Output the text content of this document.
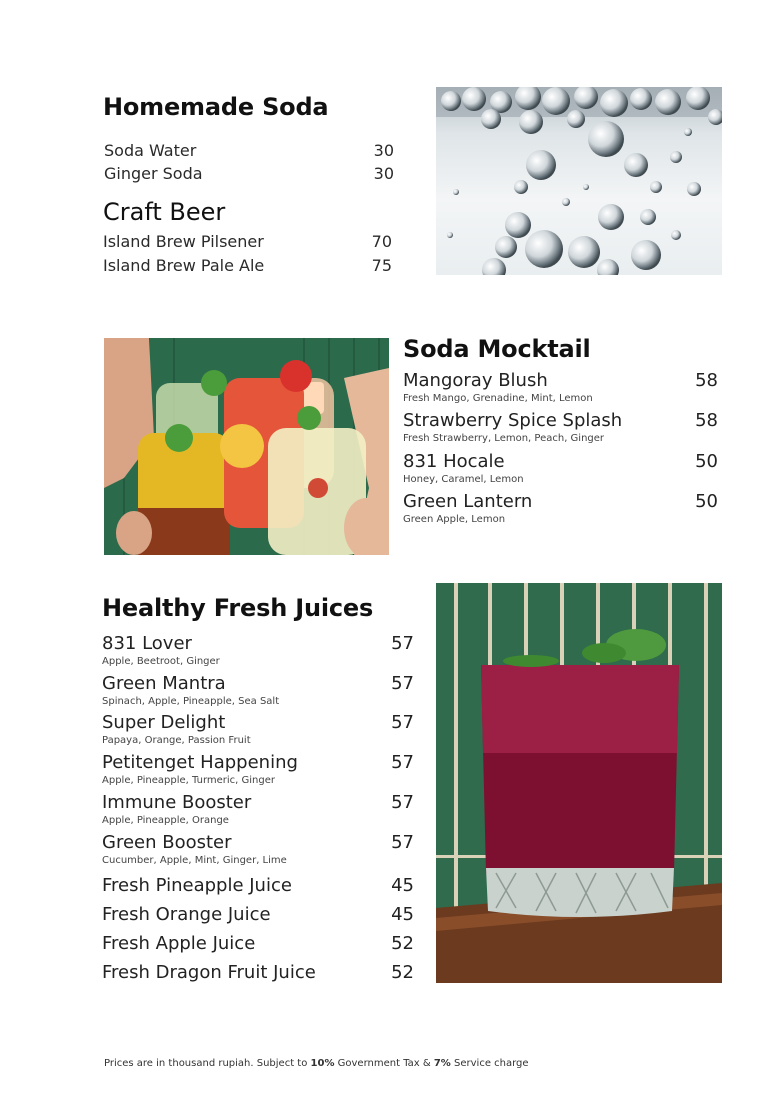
Homemade Soda
Soda Water	30
Ginger Soda	30
Craft Beer
Island Brew Pilsener	70
Island Brew Pale Ale	75
Soda Mocktail
Mangoray Blush	58
Fresh Mango, Grenadine, Mint, Lemon
Strawberry Spice Splash	58
Fresh Strawberry, Lemon, Peach, Ginger
831 Hocale	50
Honey, Caramel, Lemon
Green Lantern	50
Green Apple, Lemon
Healthy Fresh Juices
831 Lover	57
Apple, Beetroot, Ginger
Green Mantra	57
Spinach, Apple, Pineapple, Sea Salt
Super Delight	57
Papaya, Orange, Passion Fruit
Petitenget Happening	57
Apple, Pineapple, Turmeric, Ginger
Immune Booster	57
Apple, Pineapple, Orange
Green Booster	57
Cucumber, Apple, Mint, Ginger, Lime
Fresh Pineapple Juice	45
Fresh Orange Juice	45
Fresh Apple Juice	52
Fresh Dragon Fruit Juice	52
Prices are in thousand rupiah. Subject to 10% Government Tax & 7% Service charge
